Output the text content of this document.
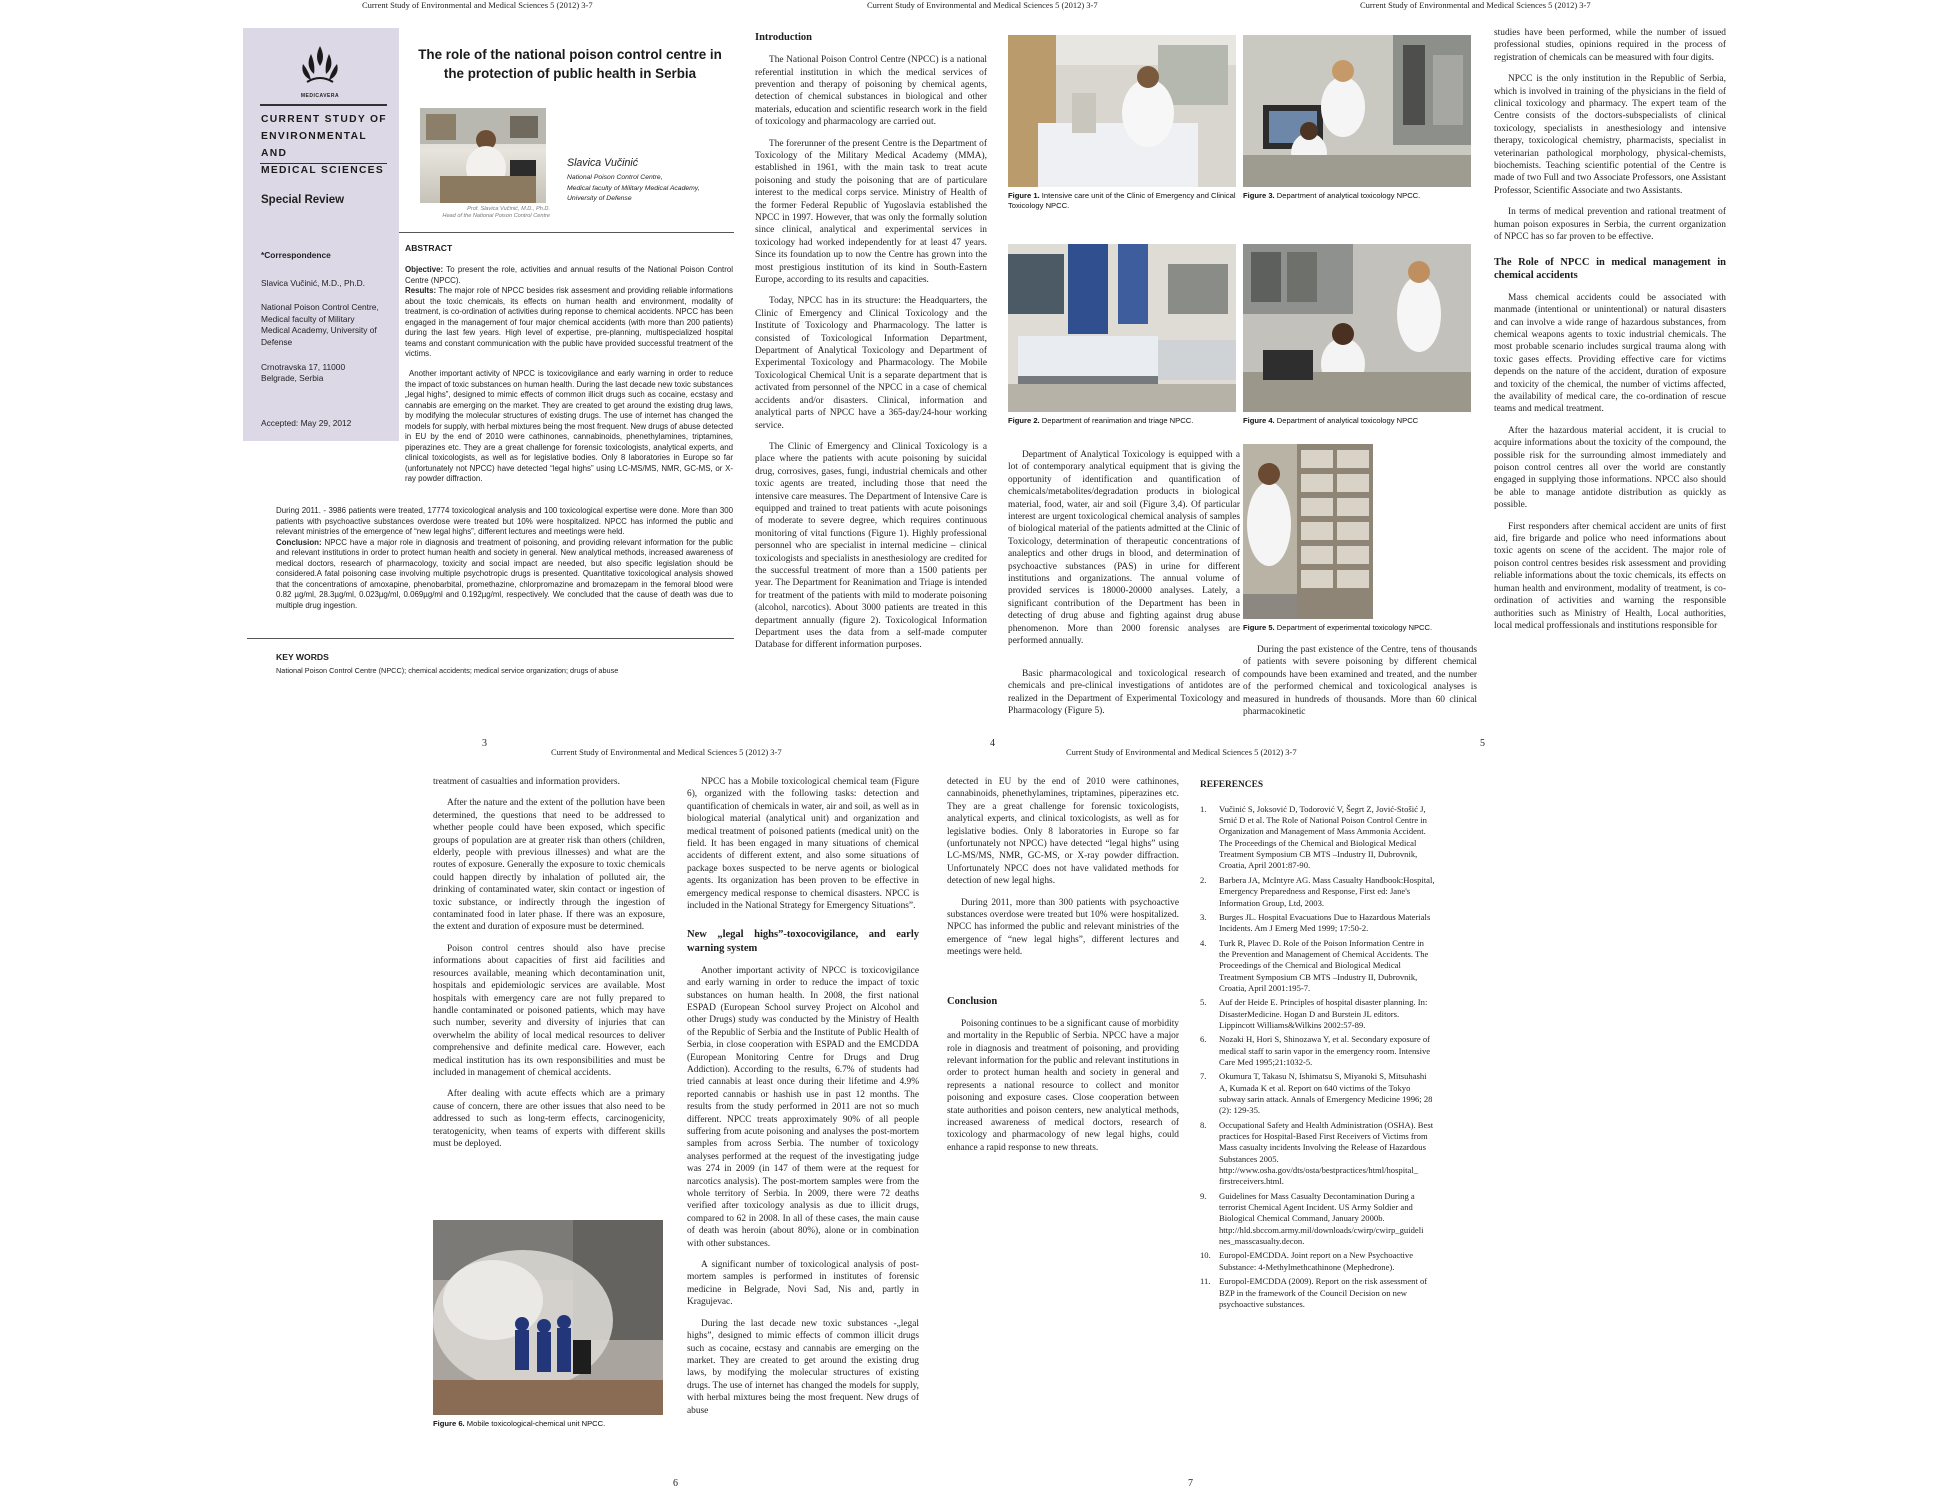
Current Study of Environmental and Medical Sciences 5 (2012) 3-7	Current Study of Environmental and Medical Sciences 5 (2012) 3-7	Current Study of Environmental and Medical Sciences 5 (2012) 3-7
MEDICAVERA
CURRENT STUDY OF
ENVIRONMENTAL AND
MEDICAL SCIENCES
Special Review
*Correspondence
Slavica Vučinić, M.D., Ph.D.
National Poison Control Centre, Medical faculty of Military Medical Academy, University of Defense
Crnotravska 17, 11000 Belgrade, Serbia
Accepted: May 29, 2012
The role of the national poison control centre in the protection of public health in Serbia
Prof. Slavica Vučinić, M.D., Ph.D.
Head of the National Poison Control Centre
Slavica Vučinić
National Poison Control Centre,
Medical faculty of Military Medical Academy,
University of Defense
ABSTRACT
Objective: To present the role, activities and annual results of the National Poison Control Centre (NPCC).
Results: The major role of NPCC besides risk assesment and providing reliable informations about the toxic chemicals, its effects on human health and environment, modality of treatment, is co-ordination of activities during reponse to chemical accidents. NPCC has been engaged in the management of four major chemical accidents (with more than 200 patients) during the last few years. High level of expertise, pre-planning, multispecialized hospital teams and constant communication with the public have provided successful treatment of the victims.
Another important activity of NPCC is toxicovigilance and early warning in order to reduce the impact of toxic substances on human health. During the last decade new toxic substances „legal highs”, designed to mimic effects of common illicit drugs such as cocaine, ecstasy and cannabis are emerging on the market. They are created to get around the existing drug laws, by modifying the molecular structures of existing drugs. The use of internet has changed the models for supply, with herbal mixtures being the most frequent. New drugs of abuse detected in EU by the end of 2010 were cathinones, cannabinoids, phenethylamines, triptamines, piperazines etc. They are a great challenge for forensic toxicologists, analytical experts, and clinical toxicologists, as well as for legislative bodies. Only 8 laboratories in Europe so far (unfortunately not NPCC) have detected “legal highs” using LC-MS/MS, NMR, GC-MS, or X-ray powder diffraction.
During 2011. - 3986 patients were treated, 17774 toxicological analysis and 100 toxicological expertise were done. More than 300 patients with psychoactive substances overdose were treated but 10% were hospitalized. NPCC has informed the public and relevant ministries of the emergence of “new legal highs”, different lectures and meetings were held.
Conclusion: NPCC have a major role in diagnosis and treatment of poisoning, and providing relevant information for the public and relevant institutions in order to protect human health and society in general. New analytical methods, increased awareness of medical doctors, research of pharmacology, toxicity and social impact are needed, but also specific legislation should be considered.A fatal poisoning case involving multiple psychotropic drugs is presented. Quantitative toxicological analysis showed that the concentrations of amoxapine, phenobarbital, promethazine, chlorpromazine and bromazepam in the femoral blood were 0.82 µg/ml, 28.3µg/ml, 0.023µg/ml, 0.069µg/ml and 0.192µg/ml, respectively. We concluded that the cause of death was due to multiple drug ingestion.
KEY WORDS
National Poison Control Centre (NPCC); chemical accidents; medical service organization; drugs of abuse
3
Introduction

The National Poison Control Centre (NPCC) is a national referential institution in which the medical services of prevention and therapy of poisoning by chemical agents, detection of chemical substances in biological and other materials, education and scientific research work in the field of toxicology and pharmacology are carried out.

The forerunner of the present Centre is the Department of Toxicology of the Military Medical Academy (MMA), established in 1961, with the main task to treat acute poisoning and study the poisoning that are of particulare interest to the medical corps service. Ministry of Health of the former Federal Republic of Yugoslavia established the NPCC in 1997. However, that was only the formally solution since clinical, analytical and experimental services in toxicology had worked independently for at least 47 years. Since its foundation up to now the Centre has grown into the most prestigious institution of its kind in South-Eastern Europe, according to its results and capacities.

Today, NPCC has in its structure: the Headquarters, the Clinic of Emergency and Clinical Toxicology and the Institute of Toxicology and Pharmacology. The latter is consisted of Toxicological Information Department, Department of Analytical Toxicology and Department of Experimental Toxicology and Pharmacology. The Mobile Toxicological Chemical Unit is a separate department that is activated from personnel of the NPCC in a case of chemical accidents and/or disasters. Clinical, information and analytical parts of NPCC have a 365-day/24-hour working service.

The Clinic of Emergency and Clinical Toxicology is a place where the patients with acute poisoning by suicidal drug, corrosives, gases, fungi, industrial chemicals and other toxic agents are treated, including those that need the intensive care measures. The Department of Intensive Care is equipped and trained to treat patients with acute poisonings of moderate to severe degree, which requires continuous monitoring of vital functions (Figure 1). Highly professional personnel who are specialist in internal medicine – clinical toxicologists and specialists in anesthesiology are credited for the successful treatment of more than a 1500 patients per year. The Department for Reanimation and Triage is intended for treatment of the patients with mild to moderate poisoning (alcohol, narcotics). About 3000 patients are treated in this department annually (figure 2). Toxicological Information Department uses the data from a self-made computer Database for different information purposes.

Figure 1. Intensive care unit of the Clinic of Emergency and Clinical Toxicology NPCC.
Figure 3. Department of analytical toxicology NPCC.
Figure 2. Department of reanimation and triage NPCC.	Figure 4. Department of analytical toxicology NPCC
Figure 5. Department of experimental toxicology NPCC.

Department of Analytical Toxicology is equipped with a lot of contemporary analytical equipment that is giving the opportunity of identification and quantification of chemicals/metabolites/degradation products in biological material, food, water, air and soil (Figure 3,4). Of particular interest are urgent toxicological chemical analysis of samples of biological material of the patients admitted at the Clinic of Toxicology, determination of therapeutic concentrations of analeptics and other drugs in blood, and determination of psychoactive substances (PAS) in urine for different institutions and organizations. The annual volume of provided services is 18000-20000 analyses. Lately, a significant contribution of the Department has been in detecting of drug abuse and fighting against drug abuse phenomenon. More than 2000 forensic analyses are performed annually.

Basic pharmacological and toxicological research of chemicals and pre-clinical investigations of antidotes are realized in the Department of Experimental Toxicology and Pharmacology (Figure 5).

During the past existence of the Centre, tens of thousands of patients with severe poisoning by different chemical compounds have been examined and treated, and the number of the performed chemical and toxicological analyses is measured in hundreds of thousands. More than 60 clinical pharmacokinetic

4

studies have been performed, while the number of issued professional studies, opinions required in the process of registration of chemicals can be measured with four digits.

NPCC is the only institution in the Republic of Serbia, which is involved in training of the physicians in the field of clinical toxicology and pharmacy. The expert team of the Centre consists of the doctors-subspecialists of clinical toxicology, specialists in anesthesiology and intensive therapy, toxicological chemistry, pharmacists, specialist in veterinarian pathological morphology, physical-chemists, biochemists. Teaching scientific potential of the Centre is made of two Full and two Associate Professors, one Assistant Professor, Scientific Associate and two Assistants.

In terms of medical prevention and rational treatment of human poison exposures in Serbia, the current organization of NPCC has so far proven to be effective.

The Role of NPCC in medical management in chemical accidents

Mass chemical accidents could be associated with manmade (intentional or unintentional) or natural disasters and can involve a wide range of hazardous substances, from chemical weapons agents to toxic industrial chemicals. The most probable scenario includes surgical trauma along with toxic gases effects. Providing effective care for victims depends on the nature of the accident, duration of exposure and toxicity of the chemical, the number of victims affected, the availability of medical care, the co-ordination of rescue teams and medical treatment.

After the hazardous material accident, it is crucial to acquire informations about the toxicity of the compound, the possible risk for the surrounding almost immediately and poison control centres all over the world are constantly engaged in supplying those informations. NPCC also should be able to manage antidote distribution as quickly as possible.

First responders after chemical accident are units of first aid, fire brigarde and police who need informations about toxic agents on scene of the accident. The major role of poison control centres besides risk assessment and providing reliable informations about the toxic chemicals, its effects on human health and environment, modality of treatment, is co-ordination of activities and warning the responsible authorities such as Ministry of Health, Local authorities, local medical proffessionals and institutions responsible for

5
Current Study of Environmental and Medical Sciences 5 (2012) 3-7	Current Study of Environmental and Medical Sciences 5 (2012) 3-7

treatment of casualties and information providers.

After the nature and the extent of the pollution have been determined, the questions that need to be addressed to whether people could have been exposed, which specific groups of population are at greater risk than others (children, elderly, people with previous illnesses) and what are the routes of exposure. Generally the exposure to toxic chemicals could happen directly by inhalation of polluted air, the drinking of contaminated water, skin contact or ingestion of toxic substance, or indirectly through the ingestion of contaminated food in later phase. If there was an exposure, the extent and duration of exposure must be determined.

Poison control centres should also have precise informations about capacities of first aid facilities and resources available, meaning which decontamination unit, hospitals and epidemiologic services are available. Most hospitals with emergency care are not fully prepared to handle contaminated or poisoned patients, which may have such number, severity and diversity of injuries that can overwhelm the ability of local medical resources to deliver comprehensive and definite medical care. However, each medical institution has its own responsibilities and must be included in management of chemical accidents.

After dealing with acute effects which are a primary cause of concern, there are other issues that also need to be addressed to such as long-term effects, carcinogenicity, teratogenicity, when teams of experts with different skills must be deployed.

Figure 6. Mobile toxicological-chemical unit NPCC.

NPCC has a Mobile toxicological chemical team (Figure 6), organized with the following tasks: detection and quantification of chemicals in water, air and soil, as well as in biological material (analytical unit) and organization and medical treatment of poisoned patients (medical unit) on the field. It has been engaged in many situations of chemical accidents of different extent, and also some situations of package boxes suspected to be nerve agents or biological agents. Its organization has been proven to be effective in emergency medical response to chemical disasters. NPCC is included in the National Strategy for Emergency Situations”.

New „legal highs”-toxocovigilance, and early warning system

Another important activity of NPCC is toxicovigilance and early warning in order to reduce the impact of toxic substances on human health. In 2008, the first national ESPAD (European School survey Project on Alcohol and other Drugs) study was conducted by the Ministry of Health of the Republic of Serbia and the Institute of Public Health of Serbia, in close cooperation with ESPAD and the EMCDDA (European Monitoring Centre for Drugs and Drug Addiction). According to the results, 6.7% of students had tried cannabis at least once during their lifetime and 4.9% reported cannabis or hashish use in past 12 months. The results from the study performed in 2011 are not so much different. NPCC treats approximately 90% of all people suffering from acute poisoning and analyses the post-mortem samples from across Serbia. The number of toxicology analyses performed at the request of the investigating judge was 274 in 2009 (in 147 of them were at the request for narcotics analysis). The post-mortem samples were from the whole territory of Serbia. In 2009, there were 72 deaths verified after toxicology analysis as due to illicit drugs, compared to 62 in 2008. In all of these cases, the main cause of death was heroin (about 80%), alone or in combination with other substances.

A significant number of toxicological analysis of post-mortem samples is performed in institutes of forensic medicine in Belgrade, Novi Sad, Nis and, partly in Kragujevac.

During the last decade new toxic substances -„legal highs”, designed to mimic effects of common illicit drugs such as cocaine, ecstasy and cannabis are emerging on the market. They are created to get around the existing drug laws, by modifying the molecular structures of existing drugs. The use of internet has changed the models for supply, with herbal mixtures being the most frequent. New drugs of abuse

6

detected in EU by the end of 2010 were cathinones, cannabinoids, phenethylamines, triptamines, piperazines etc. They are a great challenge for forensic toxicologists, analytical experts, and clinical toxicologists, as well as for legislative bodies. Only 8 laboratories in Europe so far (unfortunately not NPCC) have detected “legal highs” using LC-MS/MS, NMR, GC-MS, or X-ray powder diffraction. Unfortunately NPCC does not have validated methods for detection of new legal highs.

During 2011, more than 300 patients with psychoactive substances overdose were treated but 10% were hospitalized. NPCC has informed the public and relevant ministries of the emergence of “new legal highs”, different lectures and meetings were held.

Conclusion

Poisoning continues to be a significant cause of morbidity and mortality in the Republic of Serbia. NPCC have a major role in diagnosis and treatment of poisoning, and providing relevant information for the public and relevant institutions in order to protect human health and society in general and represents a national resource to collect and monitor poisoning and exposure cases. Close cooperation between state authorities and poison centers, new analytical methods, increased awareness of medical doctors, research of toxicology and pharmacology of new legal highs, could enhance a rapid response to new threats.

REFERENCES
1. Vučinić S, Joksović D, Todorović V, Šegrt Z, Jović-Stošić J, Srnić D et al. The Role of National Poison Control Centre in Organization and Management of Mass Ammonia Accident. The Proceedings of the Chemical and Biological Medical Treatment Symposium CB MTS –Industry II, Dubrovnik, Croatia, April 2001:87-90.
2. Barbera JA, McIntyre AG. Mass Casualty Handbook:Hospital, Emergency Preparedness and Response, First ed: Jane's Information Group, Ltd, 2003.
3. Burges JL. Hospital Evacuations Due to Hazardous Materials Incidents. Am J Emerg Med 1999; 17:50-2.
4. Turk R, Plavec D. Role of the Poison Information Centre in the Prevention and Management of Chemical Accidents. The Proceedings of the Chemical and Biological Medical Treatment Symposium CB MTS –Industry II, Dubrovnik, Croatia, April 2001:195-7.
5. Auf der Heide E. Principles of hospital disaster planning. In: DisasterMedicine. Hogan D and Burstein JL editors. Lippincott Williams&Wilkins 2002:57-89.
6. Nozaki H, Hori S, Shinozawa Y, et al. Secondary exposure of medical staff to sarin vapor in the emergency room. Intensive Care Med 1995;21:1032-5.
7. Okumura T, Takasu N, Ishimatsu S, Miyanoki S, Mitsuhashi A, Kumada K et al. Report on 640 victims of the Tokyo subway sarin attack. Annals of Emergency Medicine 1996; 28 (2): 129-35.
8. Occupational Safety and Health Administration (OSHA). Best practices for Hospital-Based First Receivers of Victims from Mass casualty incidents Involving the Release of Hazardous Substances 2005. http://www.osha.gov/dts/osta/bestpractices/html/hospital_ firstreceivers.html.
9. Guidelines for Mass Casualty Decontamination During a terrorist Chemical Agent Incident. US Army Soldier and Biological Chemical Command, January 2000b. http://hld.sbccom.army.mil/downloads/cwirp/cwirp_guideli nes_masscasualty.decon.
10. Europol-EMCDDA. Joint report on a New Psychoactive Substance: 4-Methylmethcathinone (Mephedrone).
11. Europol-EMCDDA (2009). Report on the risk assessment of BZP in the framework of the Council Decision on new psychoactive substances.
7
